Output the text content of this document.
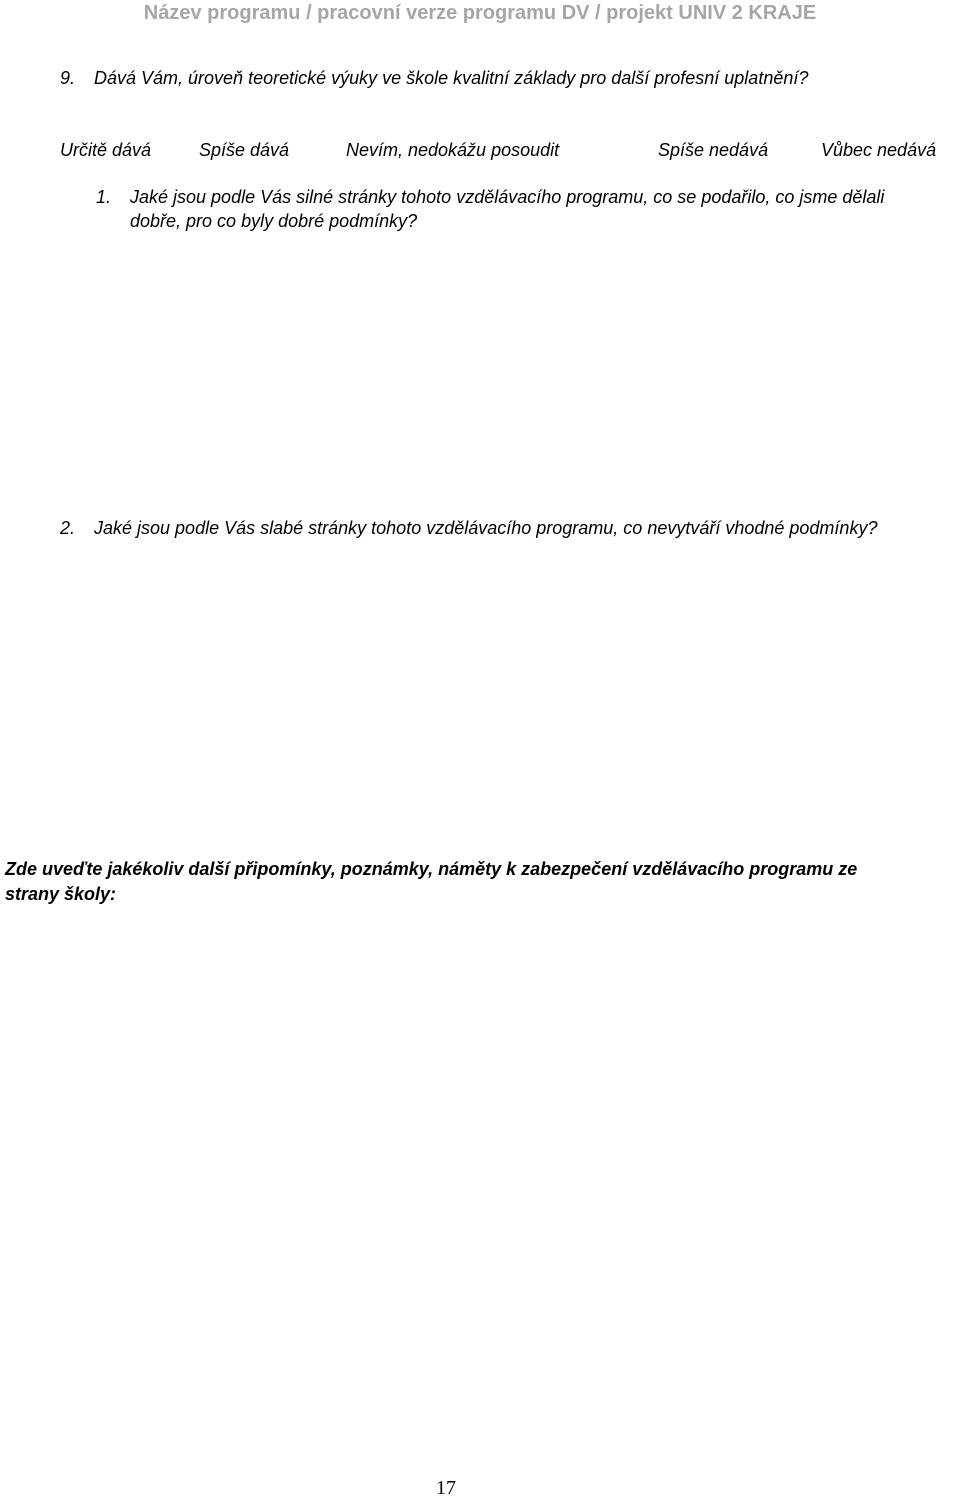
Název programu / pracovní verze programu DV / projekt UNIV 2 KRAJE
9. Dává Vám, úroveň teoretické výuky ve škole kvalitní základy pro další profesní uplatnění?
Určitě dává	Spíše dává	Nevím, nedokážu posoudit	Spíše nedává	Vůbec nedává
1. Jaké jsou podle Vás silné stránky tohoto vzdělávacího programu, co se podařilo, co jsme dělali dobře, pro co byly dobré podmínky?
2. Jaké jsou podle Vás slabé stránky tohoto vzdělávacího programu, co nevytváří vhodné podmínky?
Zde uveďte jakékoliv další připomínky, poznámky, náměty k zabezpečení vzdělávacího programu ze strany školy:
17
